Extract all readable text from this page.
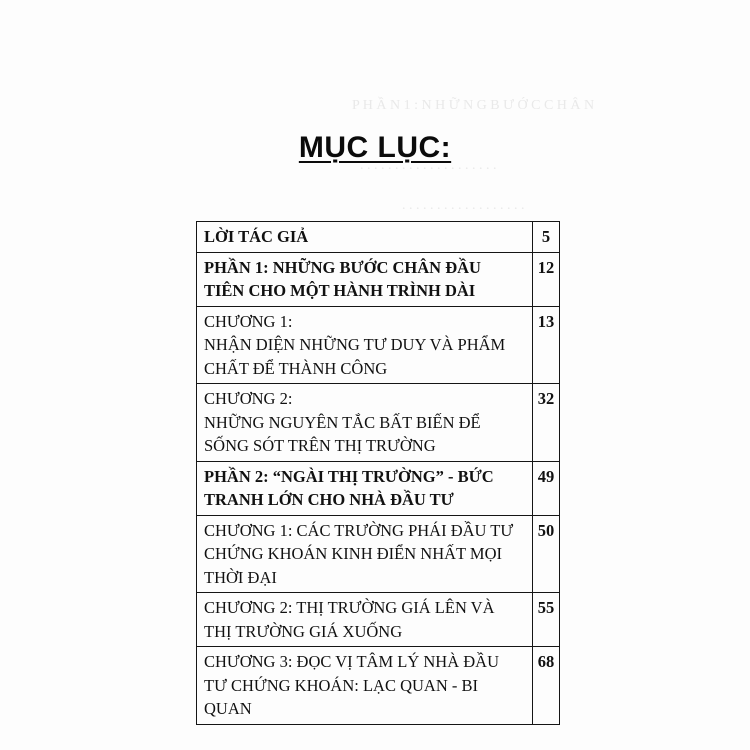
P H Ầ N 1 : N H Ữ N G B Ư Ớ C C H Â N
. . . . . . . . . . . . . . . . . . . .
. . . . . . . . . . . . . . . . . .
MỤC LỤC:
LỜI TÁC GIẢ	5

PHẦN 1: NHỮNG BƯỚC CHÂN ĐẦU
TIÊN CHO MỘT HÀNH TRÌNH DÀI	12

CHƯƠNG 1:
NHẬN DIỆN NHỮNG TƯ DUY VÀ PHẨM
CHẤT ĐỂ THÀNH CÔNG	13

CHƯƠNG 2:
NHỮNG NGUYÊN TẮC BẤT BIẾN ĐỂ
SỐNG SÓT TRÊN THỊ TRƯỜNG	32

PHẦN 2: “NGÀI THỊ TRƯỜNG” - BỨC
TRANH LỚN CHO NHÀ ĐẦU TƯ	49

CHƯƠNG 1: CÁC TRƯỜNG PHÁI ĐẦU TƯ
CHỨNG KHOÁN KINH ĐIỂN NHẤT MỌI
THỜI ĐẠI	50

CHƯƠNG 2: THỊ TRƯỜNG GIÁ LÊN VÀ
THỊ TRƯỜNG GIÁ XUỐNG	55

CHƯƠNG 3: ĐỌC VỊ TÂM LÝ NHÀ ĐẦU
TƯ CHỨNG KHOÁN: LẠC QUAN - BI
QUAN	68
